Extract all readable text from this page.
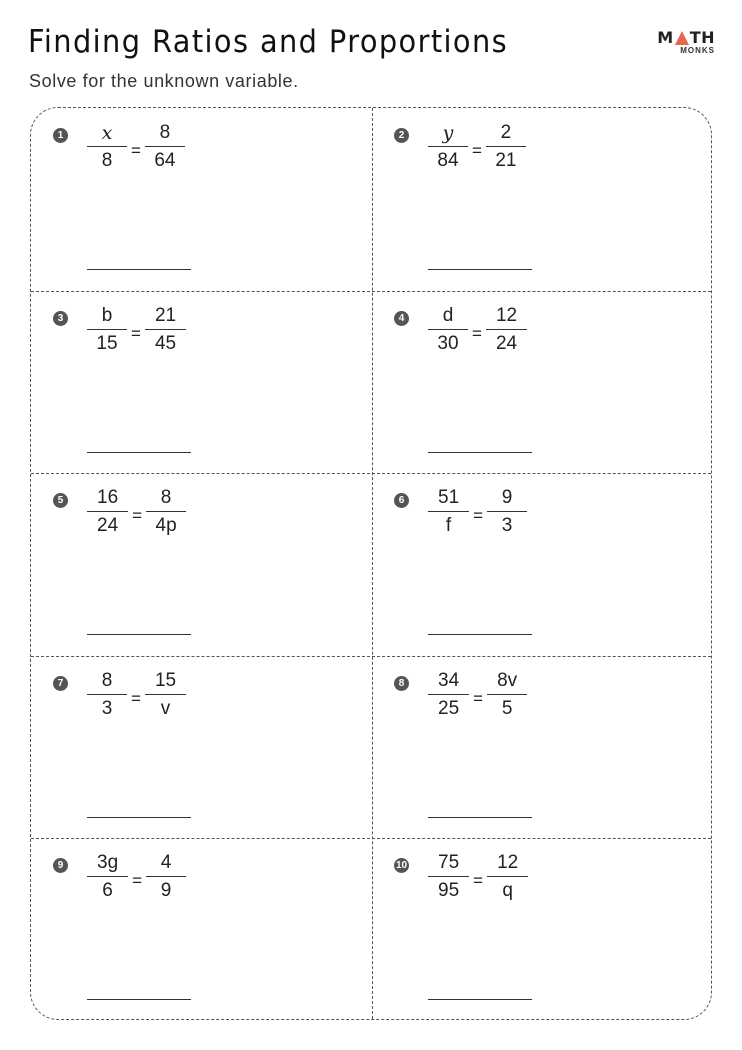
Finding Ratios and Proportions
Solve for the unknown variable.
M TH
MONKS
$1 \frac{x}{8} = \frac{8}{64}$	$2 \frac{y}{84} = \frac{2}{21}$
$3 \frac{b}{15} = \frac{21}{45}$	$4 \frac{d}{30} = \frac{12}{24}$
$5 \frac{16}{24} = \frac{8}{4p}$	$6 \frac{51}{f} = \frac{9}{3}$
$7 \frac{8}{3} = \frac{15}{v}$	$8 \frac{34}{25} = \frac{8v}{5}$
$9 \frac{3g}{6} = \frac{4}{9}$	$10 \frac{75}{95} = \frac{12}{q}$
